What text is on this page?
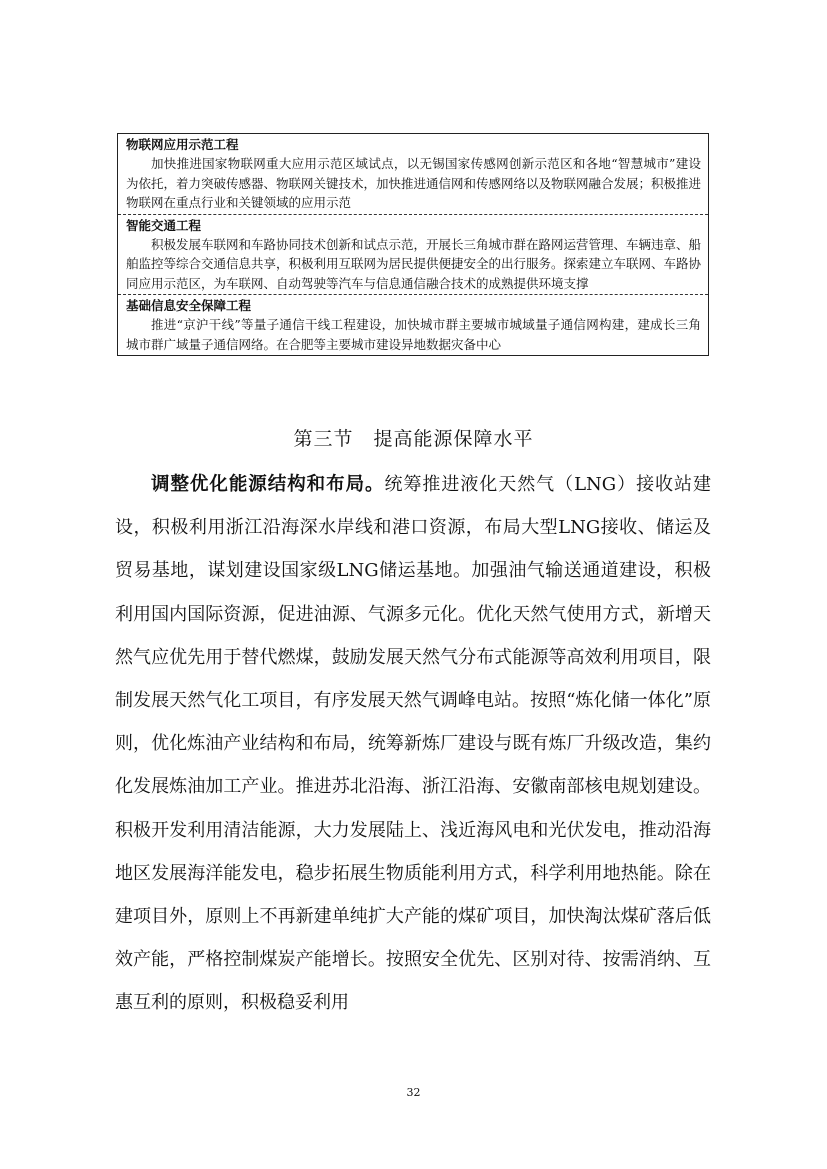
物联网应用示范工程
加快推进国家物联网重大应用示范区域试点，以无锡国家传感网创新示范区和各地“智慧城市”建设为依托，着力突破传感器、物联网关键技术，加快推进通信网和传感网络以及物联网融合发展；积极推进物联网在重点行业和关键领域的应用示范
智能交通工程
积极发展车联网和车路协同技术创新和试点示范，开展长三角城市群在路网运营管理、车辆违章、船舶监控等综合交通信息共享，积极利用互联网为居民提供便捷安全的出行服务。探索建立车联网、车路协同应用示范区，为车联网、自动驾驶等汽车与信息通信融合技术的成熟提供环境支撑
基础信息安全保障工程
推进“京沪干线”等量子通信干线工程建设，加快城市群主要城市城域量子通信网构建，建成长三角城市群广域量子通信网络。在合肥等主要城市建设异地数据灾备中心
第三节 提高能源保障水平

调整优化能源结构和布局。统筹推进液化天然气（LNG）接收站建设，积极利用浙江沿海深水岸线和港口资源，布局大型LNG接收、储运及贸易基地，谋划建设国家级LNG储运基地。加强油气输送通道建设，积极利用国内国际资源，促进油源、气源多元化。优化天然气使用方式，新增天然气应优先用于替代燃煤，鼓励发展天然气分布式能源等高效利用项目，限制发展天然气化工项目，有序发展天然气调峰电站。按照“炼化储一体化”原则，优化炼油产业结构和布局，统筹新炼厂建设与既有炼厂升级改造，集约化发展炼油加工产业。推进苏北沿海、浙江沿海、安徽南部核电规划建设。积极开发利用清洁能源，大力发展陆上、浅近海风电和光伏发电，推动沿海地区发展海洋能发电，稳步拓展生物质能利用方式，科学利用地热能。除在建项目外，原则上不再新建单纯扩大产能的煤矿项目，加快淘汰煤矿落后低效产能，严格控制煤炭产能增长。按照安全优先、区别对待、按需消纳、互惠互利的原则，积极稳妥利用

32
